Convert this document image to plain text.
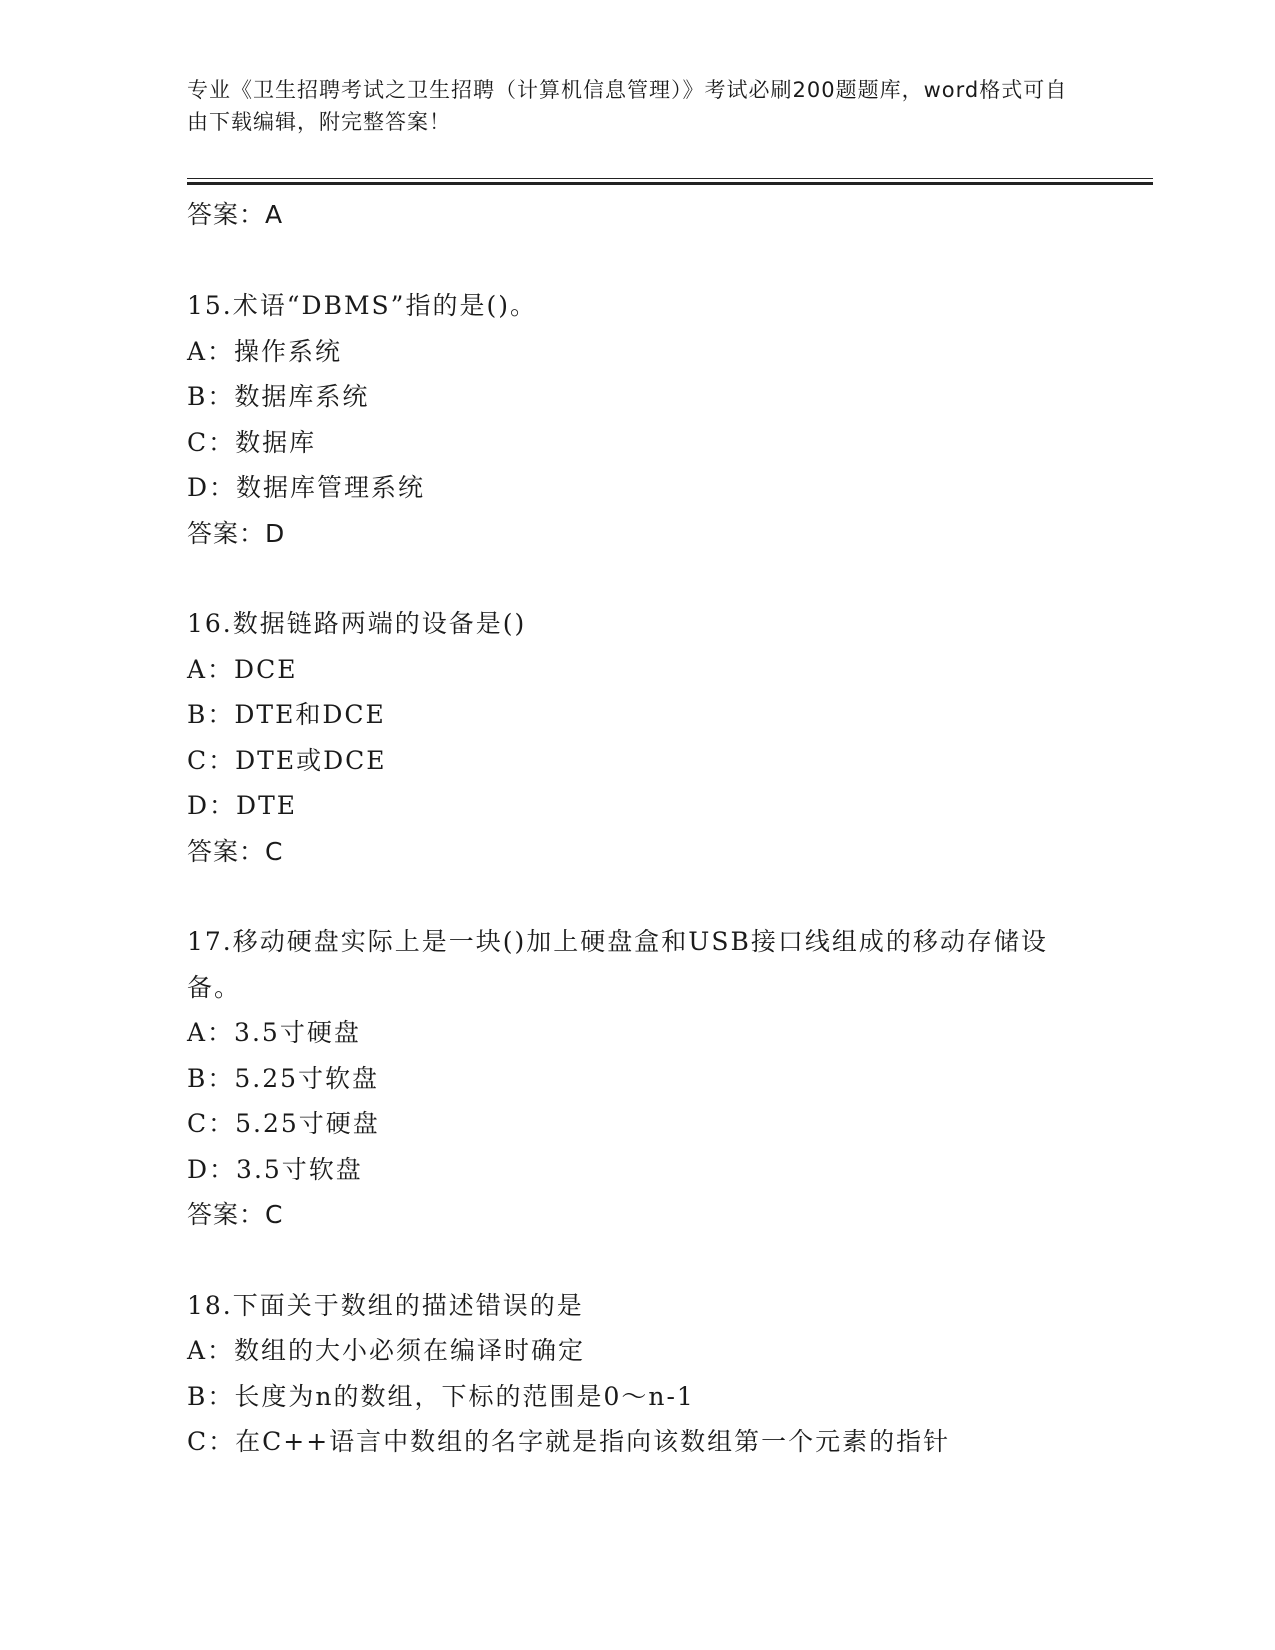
专业《卫生招聘考试之卫生招聘（计算机信息管理）》考试必刷200题题库，word格式可自由下载编辑，附完整答案！
答案：A
15.术语“DBMS”指的是()。
A：操作系统
B：数据库系统
C：数据库
D：数据库管理系统
答案：D
16.数据链路两端的设备是()
A：DCE
B：DTE和DCE
C：DTE或DCE
D：DTE
答案：C
17.移动硬盘实际上是一块()加上硬盘盒和USB接口线组成的移动存储设备。
A：3.5寸硬盘
B：5.25寸软盘
C：5.25寸硬盘
D：3.5寸软盘
答案：C
18.下面关于数组的描述错误的是
A：数组的大小必须在编译时确定
B：长度为n的数组，下标的范围是0～n-1
C：在C++语言中数组的名字就是指向该数组第一个元素的指针
